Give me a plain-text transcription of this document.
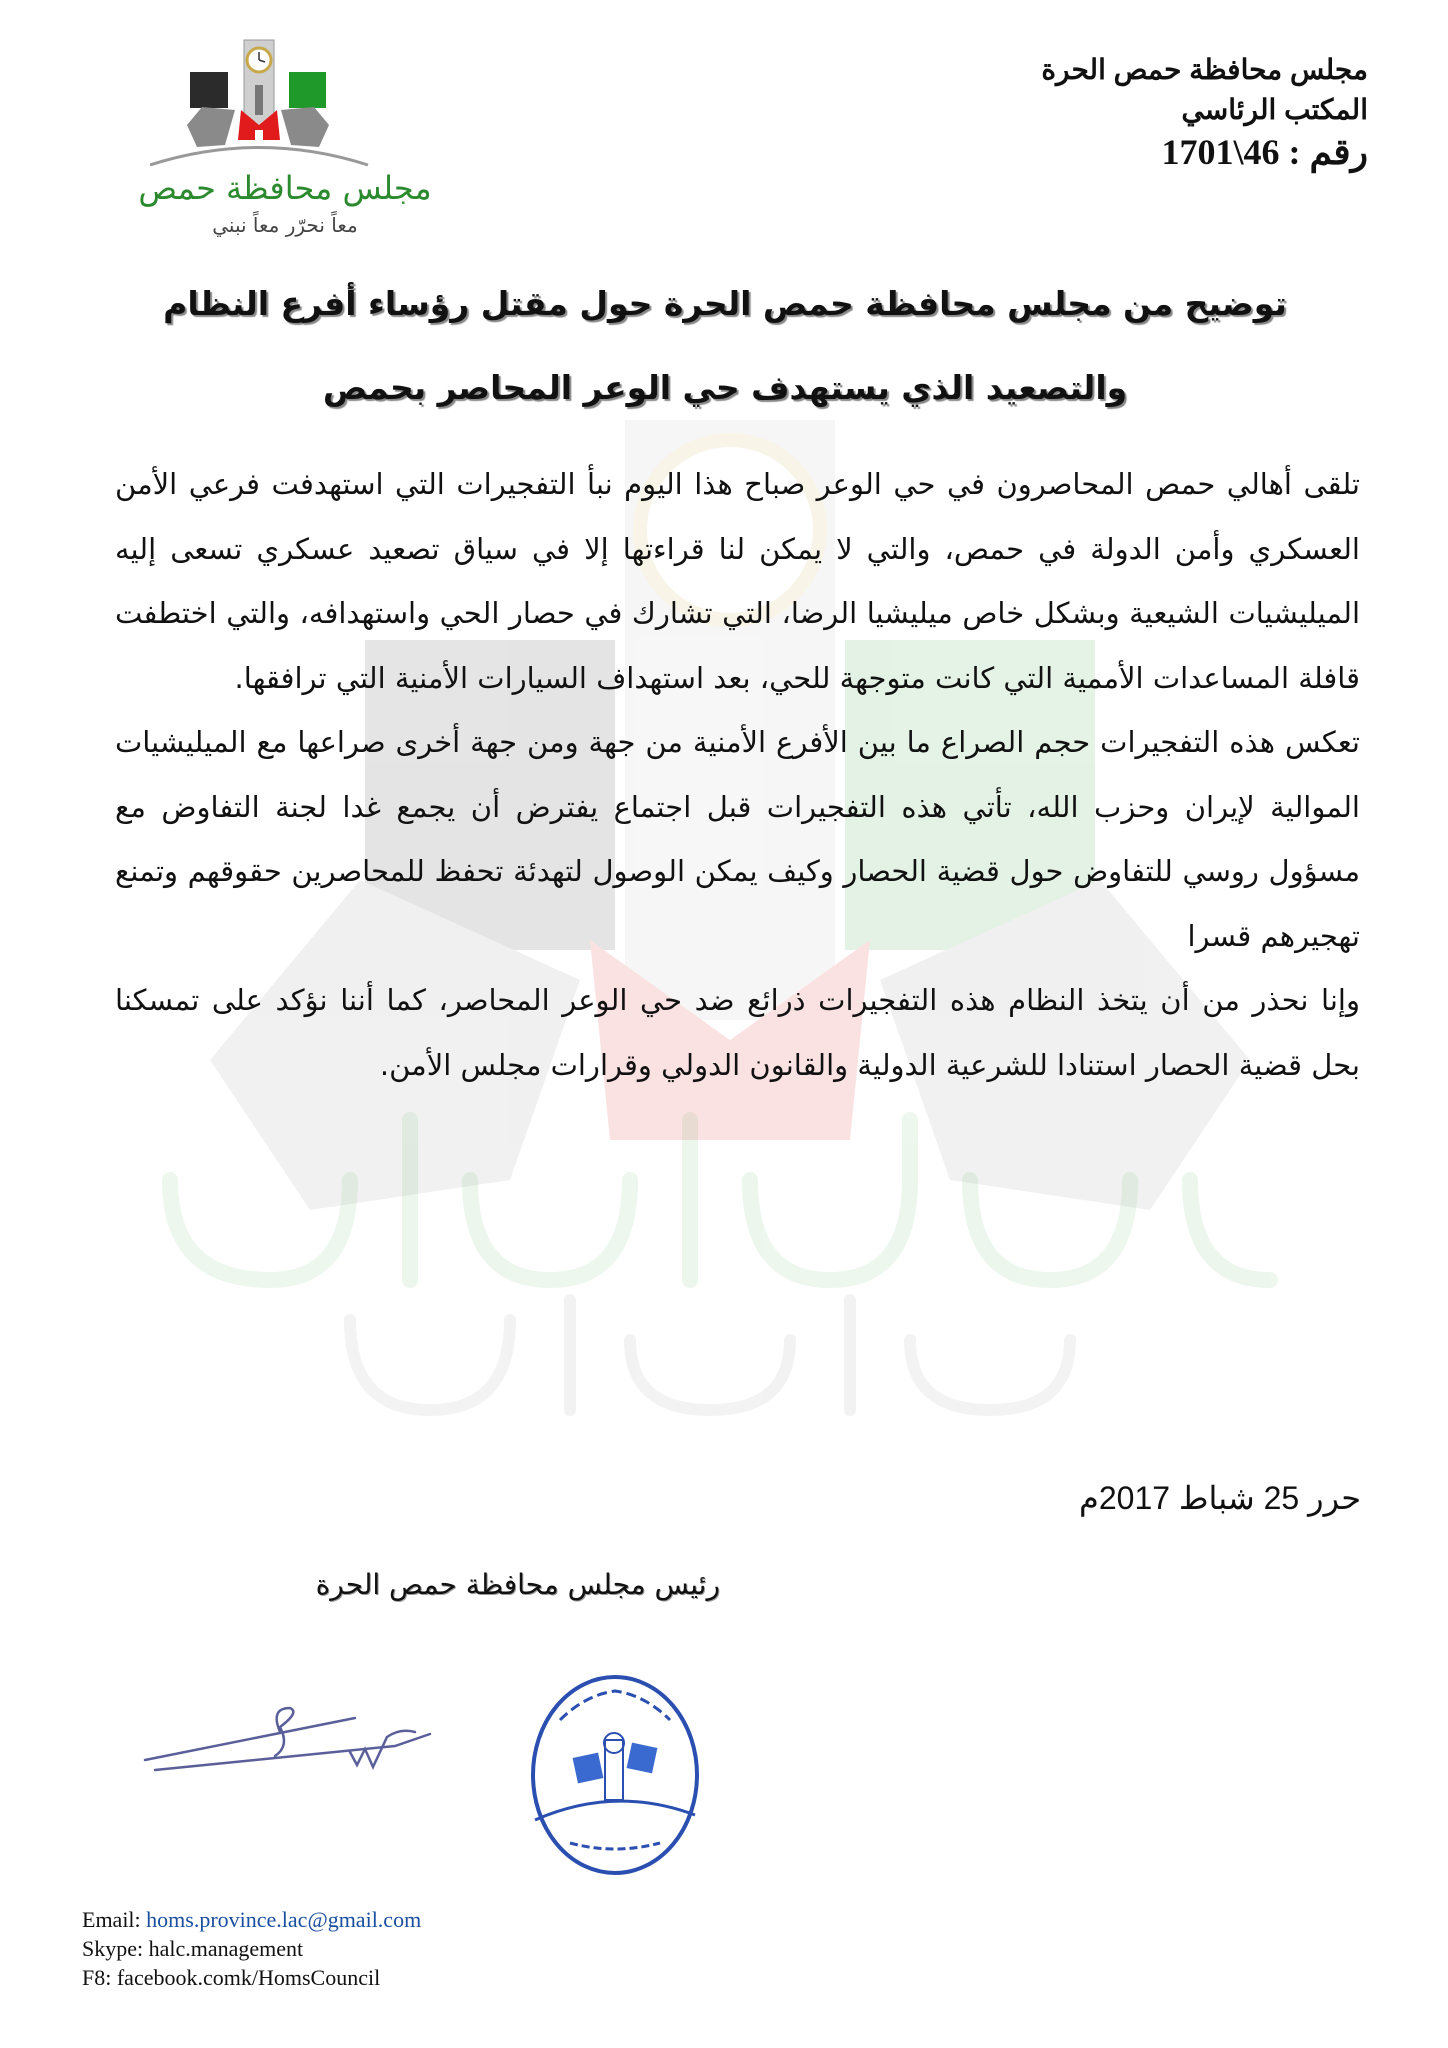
مجلس محافظة حمص
معاً نحرّر معاً نبني
مجلس محافظة حمص الحرة
المكتب الرئاسي
رقم : 1701\46
توضيح من مجلس محافظة حمص الحرة حول مقتل رؤساء أفرع النظام
والتصعيد الذي يستهدف حي الوعر المحاصر بحمص

تلقى أهالي حمص المحاصرون في حي الوعر صباح هذا اليوم نبأ التفجيرات التي استهدفت فرعي الأمن العسكري وأمن الدولة في حمص، والتي لا يمكن لنا قراءتها إلا في سياق تصعيد عسكري تسعى إليه الميليشيات الشيعية وبشكل خاص ميليشيا الرضا، التي تشارك في حصار الحي واستهدافه، والتي اختطفت قافلة المساعدات الأممية التي كانت متوجهة للحي، بعد استهداف السيارات الأمنية التي ترافقها.

تعكس هذه التفجيرات حجم الصراع ما بين الأفرع الأمنية من جهة ومن جهة أخرى صراعها مع الميليشيات الموالية لإيران وحزب الله، تأتي هذه التفجيرات قبل اجتماع يفترض أن يجمع غدا لجنة التفاوض مع مسؤول روسي للتفاوض حول قضية الحصار وكيف يمكن الوصول لتهدئة تحفظ للمحاصرين حقوقهم وتمنع تهجيرهم قسرا

وإنا نحذر من أن يتخذ النظام هذه التفجيرات ذرائع ضد حي الوعر المحاصر، كما أننا نؤكد على تمسكنا بحل قضية الحصار استنادا للشرعية الدولية والقانون الدولي وقرارات مجلس الأمن.

حرر 25 شباط 2017م
رئيس مجلس محافظة حمص الحرة
Email: homs.province.lac@gmail.com
Skype: halc.management
F8: facebook.comk/HomsCouncil
